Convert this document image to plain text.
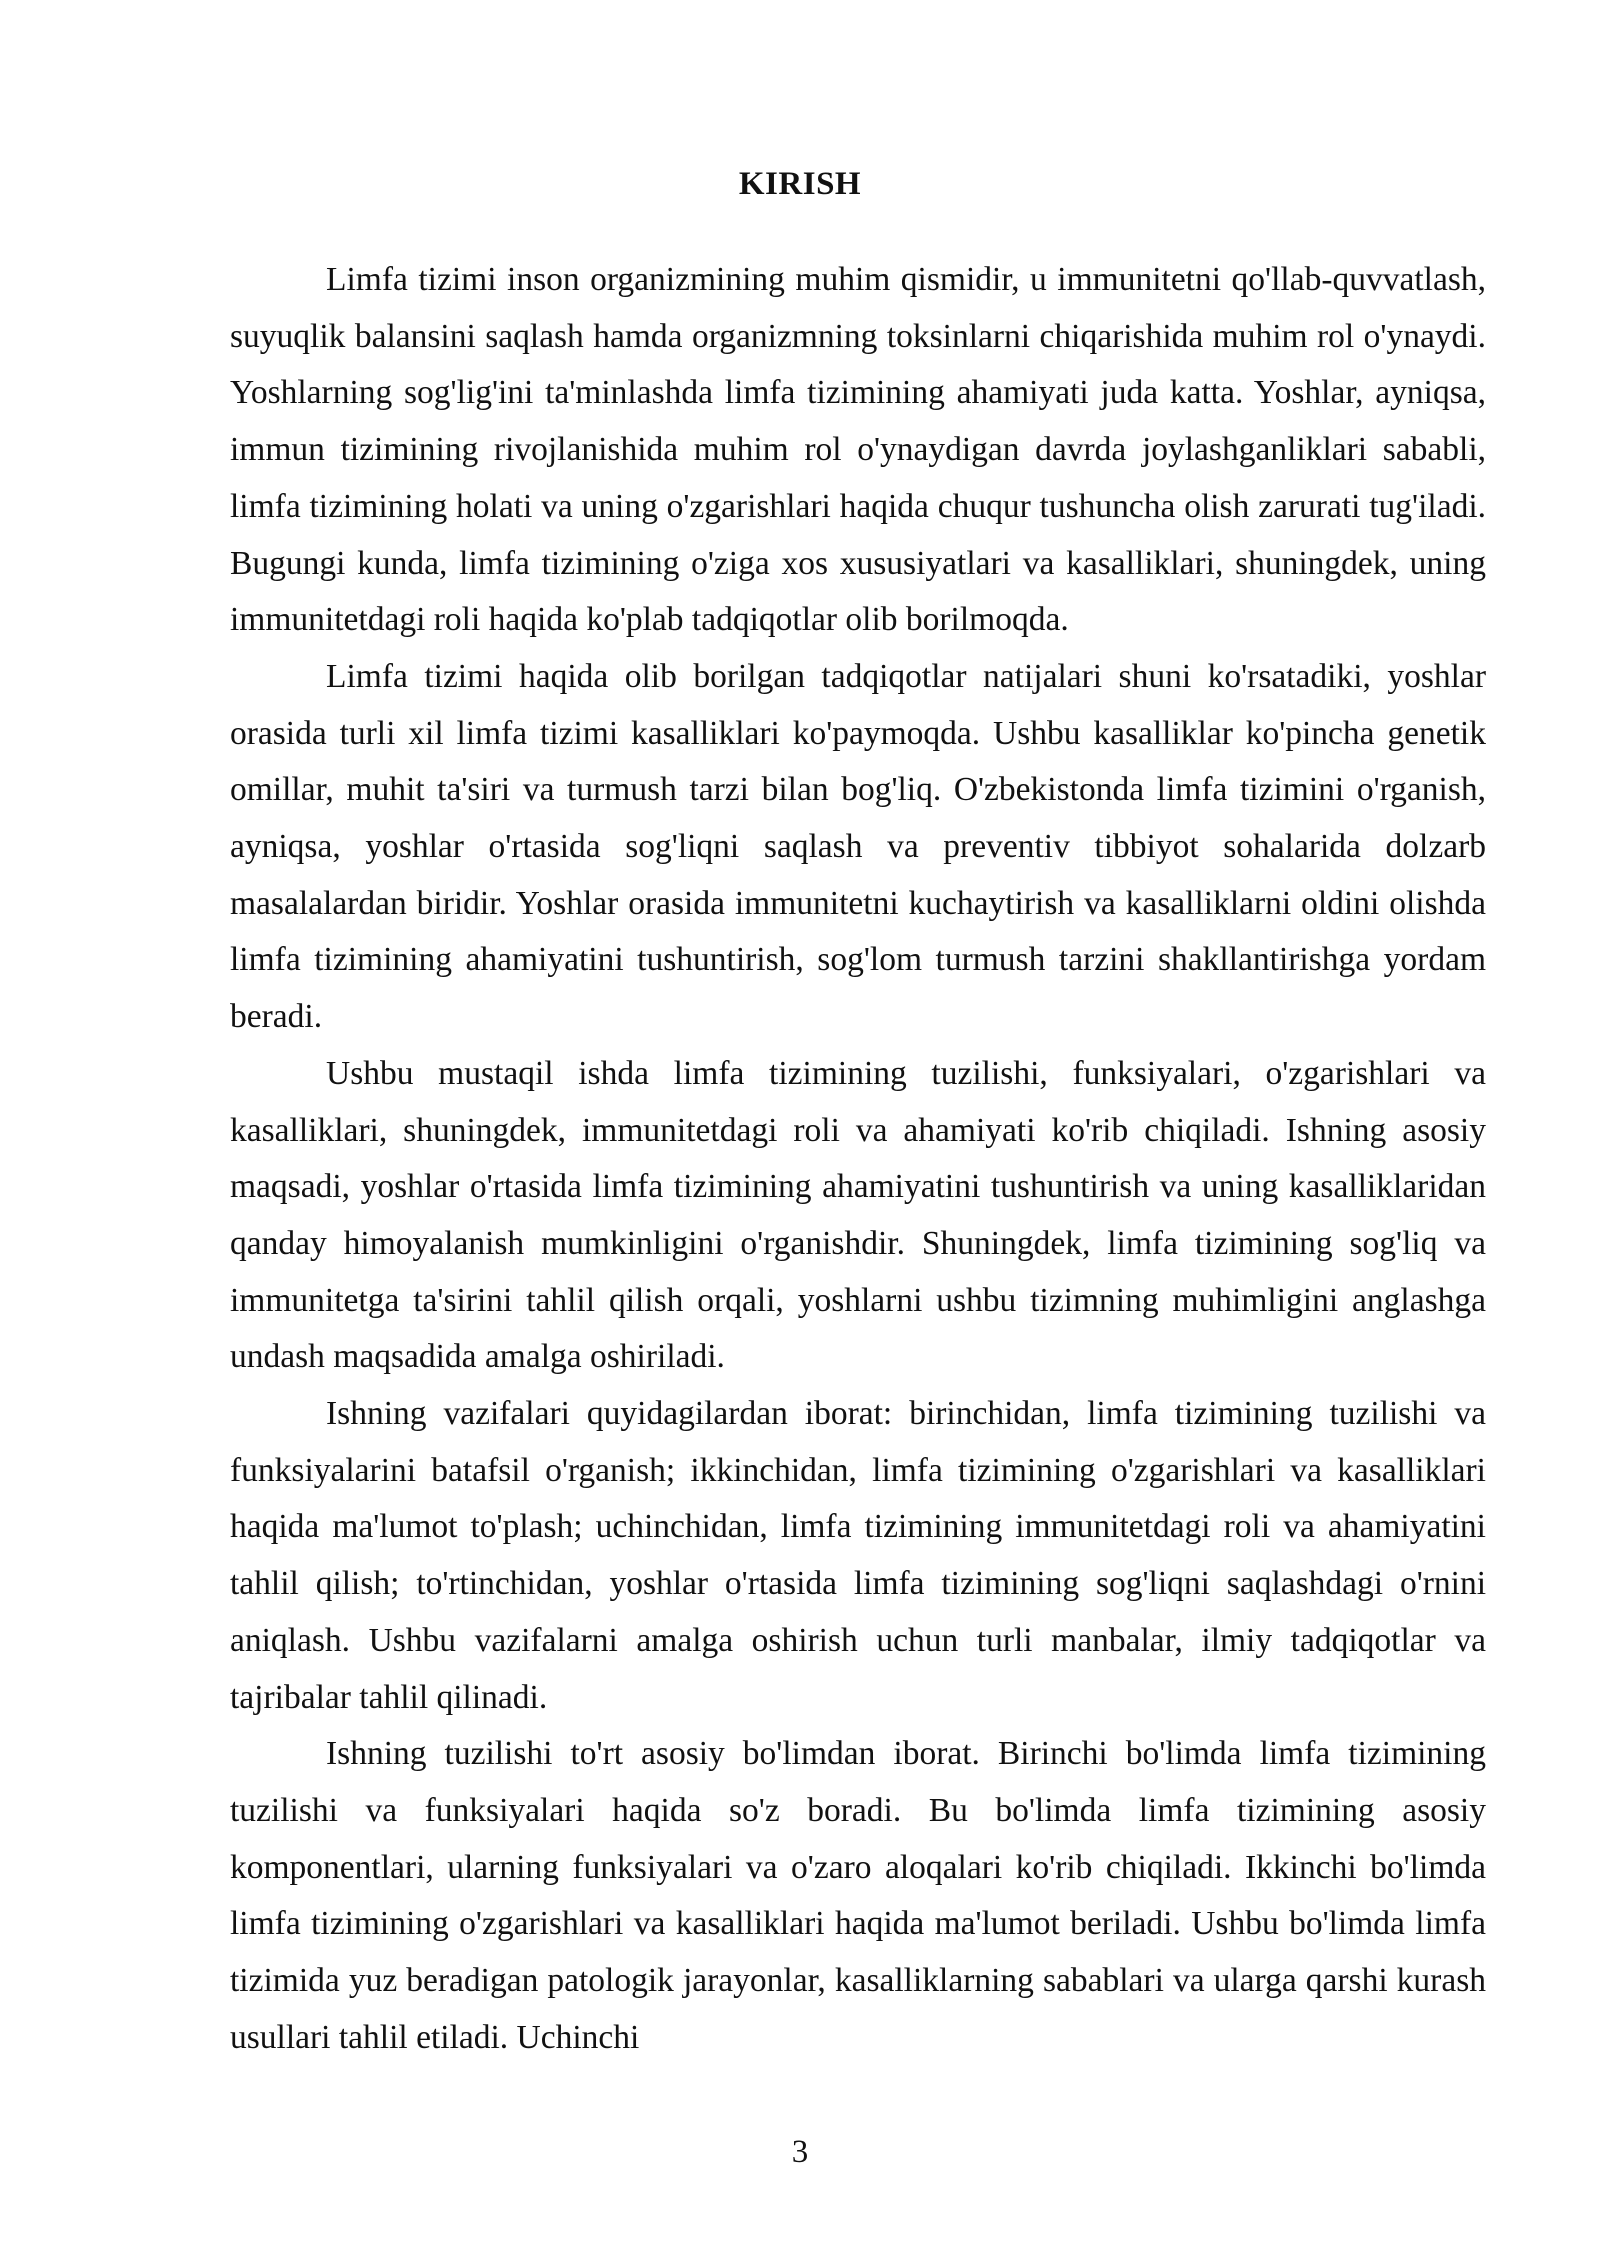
KIRISH

Limfa tizimi inson organizmining muhim qismidir, u immunitetni qo'llab-quvvatlash, suyuqlik balansini saqlash hamda organizmning toksinlarni chiqarishida muhim rol o'ynaydi. Yoshlarning sog'lig'ini ta'minlashda limfa tizimining ahamiyati juda katta. Yoshlar, ayniqsa, immun tizimining rivojlanishida muhim rol o'ynaydigan davrda joylashganliklari sababli, limfa tizimining holati va uning o'zgarishlari haqida chuqur tushuncha olish zarurati tug'iladi. Bugungi kunda, limfa tizimining o'ziga xos xususiyatlari va kasalliklari, shuningdek, uning immunitetdagi roli haqida ko'plab tadqiqotlar olib borilmoqda.

Limfa tizimi haqida olib borilgan tadqiqotlar natijalari shuni ko'rsatadiki, yoshlar orasida turli xil limfa tizimi kasalliklari ko'paymoqda. Ushbu kasalliklar ko'pincha genetik omillar, muhit ta'siri va turmush tarzi bilan bog'liq. O'zbekistonda limfa tizimini o'rganish, ayniqsa, yoshlar o'rtasida sog'liqni saqlash va preventiv tibbiyot sohalarida dolzarb masalalardan biridir. Yoshlar orasida immunitetni kuchaytirish va kasalliklarni oldini olishda limfa tizimining ahamiyatini tushuntirish, sog'lom turmush tarzini shakllantirishga yordam beradi.

Ushbu mustaqil ishda limfa tizimining tuzilishi, funksiyalari, o'zgarishlari va kasalliklari, shuningdek, immunitetdagi roli va ahamiyati ko'rib chiqiladi. Ishning asosiy maqsadi, yoshlar o'rtasida limfa tizimining ahamiyatini tushuntirish va uning kasalliklaridan qanday himoyalanish mumkinligini o'rganishdir. Shuningdek, limfa tizimining sog'liq va immunitetga ta'sirini tahlil qilish orqali, yoshlarni ushbu tizimning muhimligini anglashga undash maqsadida amalga oshiriladi.

Ishning vazifalari quyidagilardan iborat: birinchidan, limfa tizimining tuzilishi va funksiyalarini batafsil o'rganish; ikkinchidan, limfa tizimining o'zgarishlari va kasalliklari haqida ma'lumot to'plash; uchinchidan, limfa tizimining immunitetdagi roli va ahamiyatini tahlil qilish; to'rtinchidan, yoshlar o'rtasida limfa tizimining sog'liqni saqlashdagi o'rnini aniqlash. Ushbu vazifalarni amalga oshirish uchun turli manbalar, ilmiy tadqiqotlar va tajribalar tahlil qilinadi.

Ishning tuzilishi to'rt asosiy bo'limdan iborat. Birinchi bo'limda limfa tizimining tuzilishi va funksiyalari haqida so'z boradi. Bu bo'limda limfa tizimining asosiy komponentlari, ularning funksiyalari va o'zaro aloqalari ko'rib chiqiladi. Ikkinchi bo'limda limfa tizimining o'zgarishlari va kasalliklari haqida ma'lumot beriladi. Ushbu bo'limda limfa tizimida yuz beradigan patologik jarayonlar, kasalliklarning sabablari va ularga qarshi kurash usullari tahlil etiladi. Uchinchi

3
